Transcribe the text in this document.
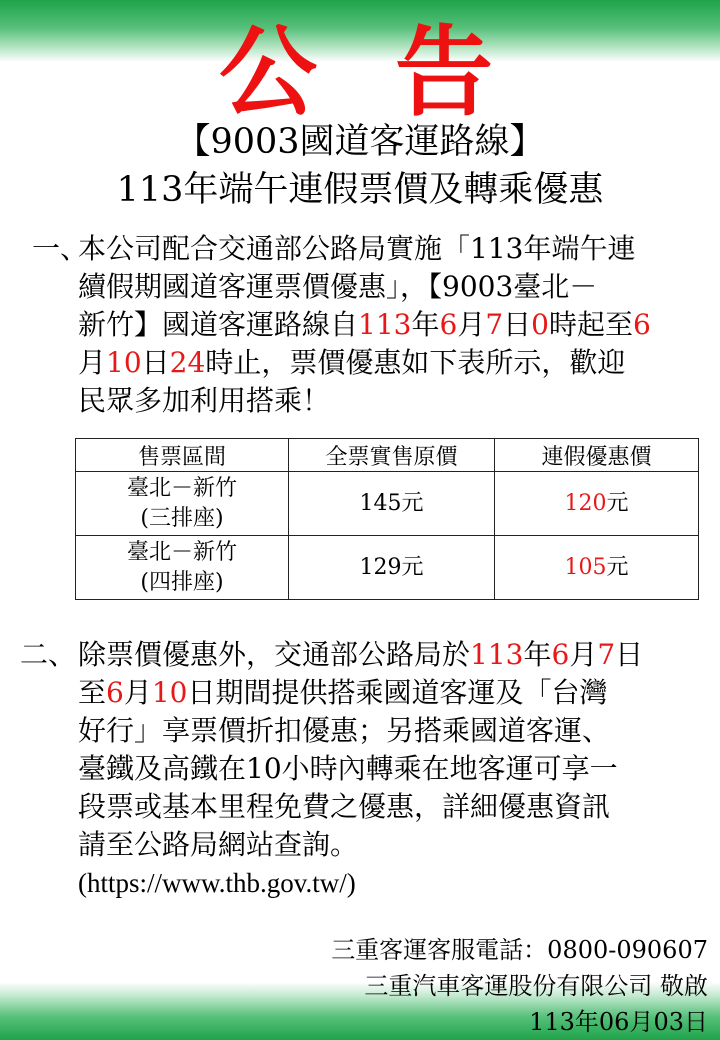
公 告
【9003國道客運路線】
113年端午連假票價及轉乘優惠
一、
本公司配合交通部公路局實施「113年端午連
續假期國道客運票價優惠」，【9003臺北－
新竹】國道客運路線自113年6月7日0時起至6
月10日24時止，票價優惠如下表所示，歡迎
民眾多加利用搭乘！
售票區間	全票實售原價	連假優惠價
臺北－新竹
(三排座)	145元	120元
臺北－新竹
(四排座)	129元	105元
二、 除票價優惠外，交通部公路局於113年6月7日
至6月10日期間提供搭乘國道客運及「台灣
好行」享票價折扣優惠；另搭乘國道客運、
臺鐵及高鐵在10小時內轉乘在地客運可享一
段票或基本里程免費之優惠，詳細優惠資訊
請至公路局網站查詢。
(https://www.thb.gov.tw/)
三重客運客服電話：0800-090607
三重汽車客運股份有限公司 敬啟
113年06月03日
